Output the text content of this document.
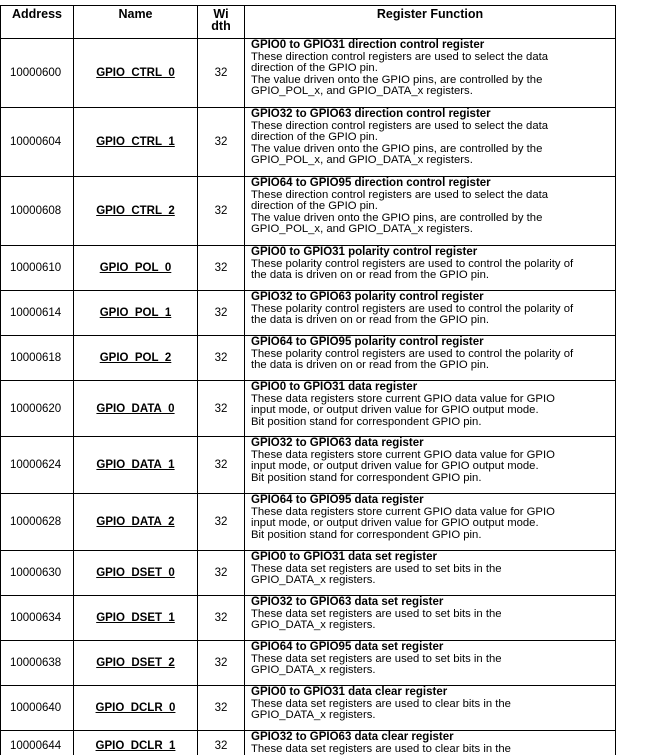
Address	Name	Width	Register Function
10000600	GPIO_CTRL_0	32	GPIO0 to GPIO31 direction control register
These direction control registers are used to select the data
direction of the GPIO pin.
The value driven onto the GPIO pins, are controlled by the
GPIO_POL_x, and GPIO_DATA_x registers.

10000604	GPIO_CTRL_1	32	GPIO32 to GPIO63 direction control register
These direction control registers are used to select the data
direction of the GPIO pin.
The value driven onto the GPIO pins, are controlled by the
GPIO_POL_x, and GPIO_DATA_x registers.

10000608	GPIO_CTRL_2	32	GPIO64 to GPIO95 direction control register
These direction control registers are used to select the data
direction of the GPIO pin.
The value driven onto the GPIO pins, are controlled by the
GPIO_POL_x, and GPIO_DATA_x registers.

10000610	GPIO_POL_0	32	GPIO0 to GPIO31 polarity control register
These polarity control registers are used to control the polarity of
the data is driven on or read from the GPIO pin.

10000614	GPIO_POL_1	32	GPIO32 to GPIO63 polarity control register
These polarity control registers are used to control the polarity of
the data is driven on or read from the GPIO pin.

10000618	GPIO_POL_2	32	GPIO64 to GPIO95 polarity control register
These polarity control registers are used to control the polarity of
the data is driven on or read from the GPIO pin.

10000620	GPIO_DATA_0	32	GPIO0 to GPIO31 data register
These data registers store current GPIO data value for GPIO
input mode, or output driven value for GPIO output mode.
Bit position stand for correspondent GPIO pin.

10000624	GPIO_DATA_1	32	GPIO32 to GPIO63 data register
These data registers store current GPIO data value for GPIO
input mode, or output driven value for GPIO output mode.
Bit position stand for correspondent GPIO pin.

10000628	GPIO_DATA_2	32	GPIO64 to GPIO95 data register
These data registers store current GPIO data value for GPIO
input mode, or output driven value for GPIO output mode.
Bit position stand for correspondent GPIO pin.

10000630	GPIO_DSET_0	32	GPIO0 to GPIO31 data set register
These data set registers are used to set bits in the
GPIO_DATA_x registers.

10000634	GPIO_DSET_1	32	GPIO32 to GPIO63 data set register
These data set registers are used to set bits in the
GPIO_DATA_x registers.

10000638	GPIO_DSET_2	32	GPIO64 to GPIO95 data set register
These data set registers are used to set bits in the
GPIO_DATA_x registers.

10000640	GPIO_DCLR_0	32	GPIO0 to GPIO31 data clear register
These data set registers are used to clear bits in the
GPIO_DATA_x registers.

10000644	GPIO_DCLR_1	32	GPIO32 to GPIO63 data clear register
These data set registers are used to clear bits in the
